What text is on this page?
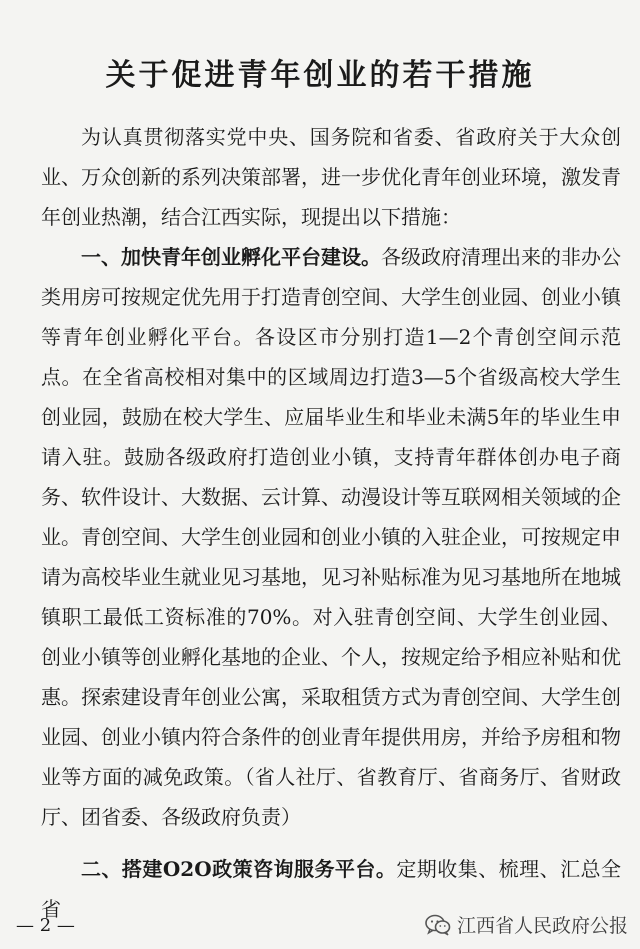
关于促进青年创业的若干措施

为认真贯彻落实党中央、国务院和省委、省政府关于大众创业、万众创新的系列决策部署，进一步优化青年创业环境，激发青年创业热潮，结合江西实际，现提出以下措施：

一、加快青年创业孵化平台建设。各级政府清理出来的非办公类用房可按规定优先用于打造青创空间、大学生创业园、创业小镇等青年创业孵化平台。各设区市分别打造1—2个青创空间示范点。在全省高校相对集中的区域周边打造3—5个省级高校大学生创业园，鼓励在校大学生、应届毕业生和毕业未满5年的毕业生申请入驻。鼓励各级政府打造创业小镇，支持青年群体创办电子商务、软件设计、大数据、云计算、动漫设计等互联网相关领域的企业。青创空间、大学生创业园和创业小镇的入驻企业，可按规定申请为高校毕业生就业见习基地，见习补贴标准为见习基地所在地城镇职工最低工资标准的70%。对入驻青创空间、大学生创业园、创业小镇等创业孵化基地的企业、个人，按规定给予相应补贴和优惠。探索建设青年创业公寓，采取租赁方式为青创空间、大学生创业园、创业小镇内符合条件的创业青年提供用房，并给予房租和物业等方面的减免政策。（省人社厅、省教育厅、省商务厅、省财政厅、团省委、各级政府负责）

二、搭建O2O政策咨询服务平台。定期收集、梳理、汇总全省

— 2 —	江西省人民政府公报
